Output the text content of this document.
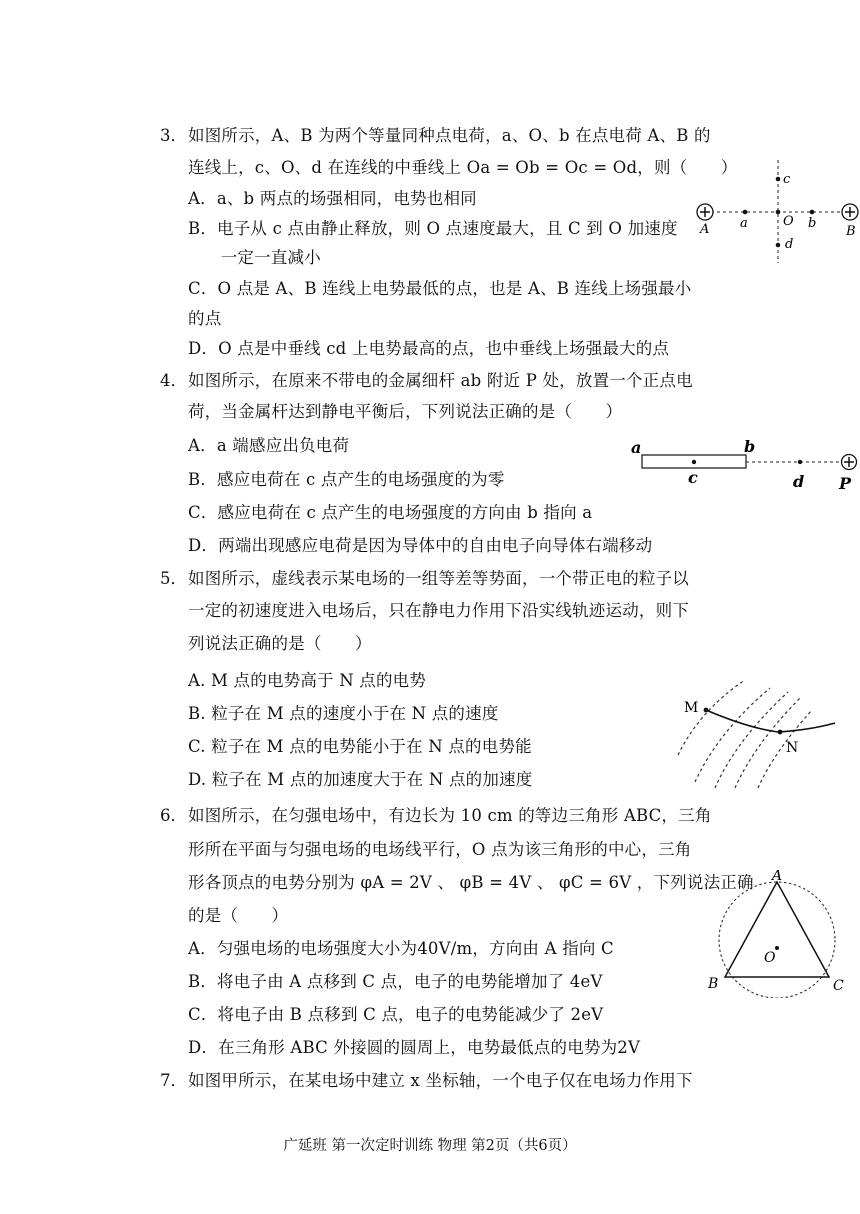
3． 如图所示，A、B 为两个等量同种点电荷，a、O、b 在点电荷 A、B 的
连线上，c、O、d 在连线的中垂线上 Oa = Ob = Oc = Od，则（　　）
A．a、b 两点的场强相同，电势也相同
B．电子从 c 点由静止释放，则 O 点速度最大，且 C 到 O 加速度
　一定一直减小
C．O 点是 A、B 连线上电势最低的点，也是 A、B 连线上场强最小
的点
D．O 点是中垂线 cd 上电势最高的点，也中垂线上场强最大的点
A	B
a	b
c
d
O
4． 如图所示，在原来不带电的金属细杆 ab 附近 P 处，放置一个正点电
荷，当金属杆达到静电平衡后，下列说法正确的是（　　）
A．a 端感应出负电荷
B．感应电荷在 c 点产生的电场强度的为零
C．感应电荷在 c 点产生的电场强度的方向由 b 指向 a
D．两端出现感应电荷是因为导体中的自由电子向导体右端移动
a	b
c	d P
5． 如图所示，虚线表示某电场的一组等差等势面，一个带正电的粒子以
一定的初速度进入电场后，只在静电力作用下沿实线轨迹运动，则下
列说法正确的是（　　）
A. M 点的电势高于 N 点的电势
B. 粒子在 M 点的速度小于在 N 点的速度
C. 粒子在 M 点的电势能小于在 N 点的电势能
D. 粒子在 M 点的加速度大于在 N 点的加速度
M
N
6． 如图所示，在匀强电场中，有边长为 10 cm 的等边三角形 ABC，三角
形所在平面与匀强电场的电场线平行，O 点为该三角形的中心，三角
形各顶点的电势分别为 φA = 2V 、 φB = 4V 、 φC = 6V ，下列说法正确
的是（　　）
A．匀强电场的电场强度大小为40V/m，方向由 A 指向 C
B．将电子由 A 点移到 C 点，电子的电势能增加了 4eV
C．将电子由 B 点移到 C 点，电子的电势能减少了 2eV
D．在三角形 ABC 外接圆的圆周上，电势最低点的电势为2V
A
B	C
O
7． 如图甲所示，在某电场中建立 x 坐标轴，一个电子仅在电场力作用下
广延班 第一次定时训练 物理 第2页（共6页）
